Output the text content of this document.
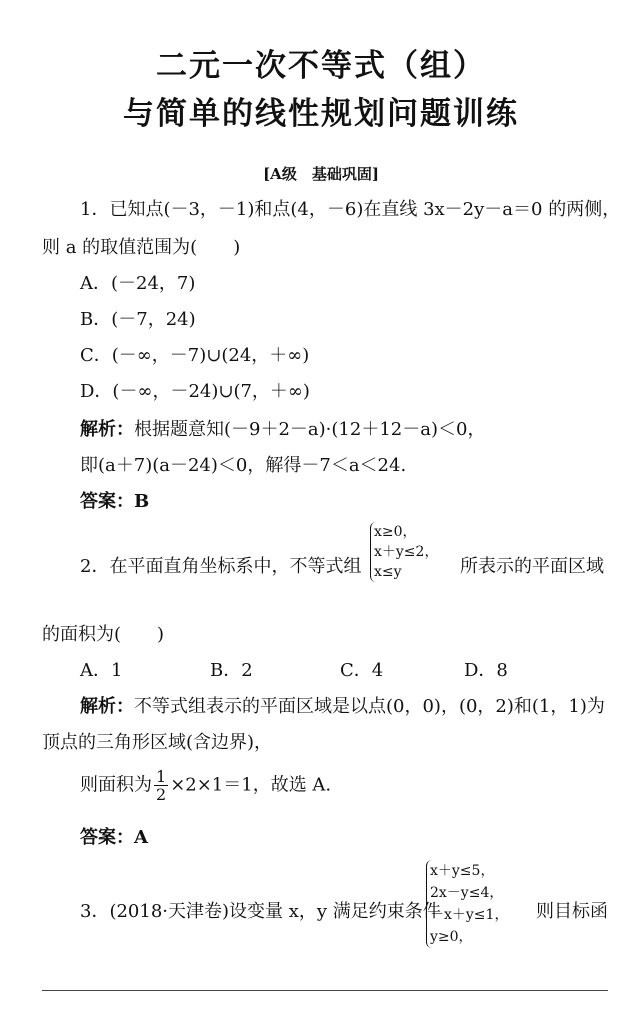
二元一次不等式（组）
与简单的线性规划问题训练
[A级　基础巩固]
1．已知点(－3，－1)和点(4，－6)在直线 3x－2y－a＝0 的两侧，
则 a 的取值范围为(　　)
A．(－24，7)
B．(－7，24)
C．(－∞，－7)∪(24，＋∞)
D．(－∞，－24)∪(7，＋∞)
解析：根据题意知(－9＋2－a)·(12＋12－a)＜0，
即(a＋7)(a－24)＜0，解得－7＜a＜24.
答案：B
2．在平面直角坐标系中，不等式组
x≥0，
x＋y≤2，
x≤y	所表示的平面区域
的面积为(　　)
A．1	B．2	C．4	D．8
解析：不等式组表示的平面区域是以点(0，0)，(0，2)和(1，1)为
顶点的三角形区域(含边界)，
则面积为 $\frac{1}{2} \times 2\times 1=1$，故选 A.
答案：A
3．(2018·天津卷)设变量 x，y 满足约束条件
x＋y≤5，
2x－y≤4，
－x＋y≤1，
y≥0，
则目标函
